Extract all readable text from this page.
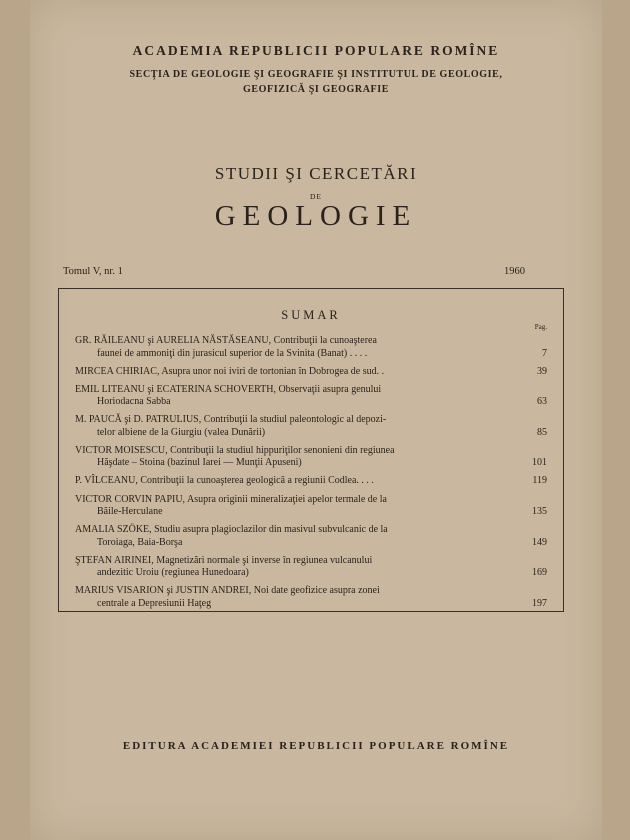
ACADEMIA REPUBLICII POPULARE ROMÎNE
SECŢIA DE GEOLOGIE ŞI GEOGRAFIE ŞI INSTITUTUL DE GEOLOGIE,
GEOFIZICĂ ŞI GEOGRAFIE
STUDII ŞI CERCETĂRI
DE
GEOLOGIE
Tomul V, nr. 1	1960
SUMAR
Pag.
GR. RĂILEANU şi AURELIA NĂSTĂSEANU, Contribuţii la cunoaşterea
faunei de ammoniţi din jurasicul superior de la Svinita (Banat) . . . .	7
MIRCEA CHIRIAC, Asupra unor noi iviri de tortonian în Dobrogea de sud. .	39
EMIL LITEANU şi ECATERINA SCHOVERTH, Observaţii asupra genului
Horiodacna Sabba	63
M. PAUCĂ şi D. PATRULIUS, Contribuţii la studiul paleontologic al depozi-
telor albiene de la Giurgiu (valea Dunării)	85
VICTOR MOISESCU, Contribuţii la studiul hippuriţilor senonieni din regiunea
Hăşdate – Stoina (bazinul Iarei — Munţii Apuseni)	101
P. VÎLCEANU, Contribuţii la cunoaşterea geologică a regiunii Codlea. . . .	119
VICTOR CORVIN PAPIU, Asupra originii mineralizaţiei apelor termale de la
Băile-Herculane	135
AMALIA SZÖKE, Studiu asupra plagioclazilor din masivul subvulcanic de la
Toroiaga, Baia-Borşa	149
ŞTEFAN AIRINEI, Magnetizări normale şi inverse în regiunea vulcanului
andezitic Uroiu (regiunea Hunedoara)	169
MARIUS VISARION şi JUSTIN ANDREI, Noi date geofizice asupra zonei
centrale a Depresiunii Haţeg	197
EDITURA ACADEMIEI REPUBLICII POPULARE ROMÎNE
